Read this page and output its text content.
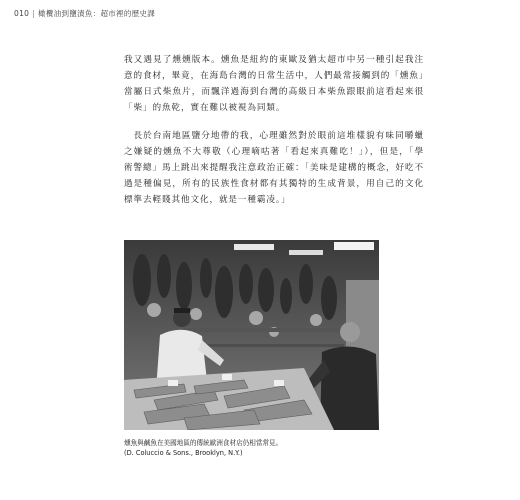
010 | 橄欖油到鹽漬魚：超市裡的歷史課

我又遇見了燻燻版本。燻魚是紐約的東歐及猶太超市中另一種引起我注意的食材，畢竟，在海島台灣的日常生活中，人們最常接觸到的「燻魚」當屬日式柴魚片，而飄洋過海到台灣的高級日本柴魚跟眼前這看起來很「柴」的魚乾，實在難以被視為同類。

長於台南地區鹽分地帶的我，心理雖然對於眼前這堆樣貌有味同嚼蠟之嫌疑的燻魚不大尊敬（心理嘀咕著「看起來真難吃！」），但是，「學術警總」馬上跳出來提醒我注意政治正確：「美味是建構的概念，好吃不過是種偏見，所有的民族性食材都有其獨特的生成背景，用自己的文化標準去輕賤其他文化，就是一種霸凌。」

燻魚與鹹魚在美國地區的傳統歐洲食材店仍相當常見。
(D. Coluccio & Sons., Brooklyn, N.Y.)
